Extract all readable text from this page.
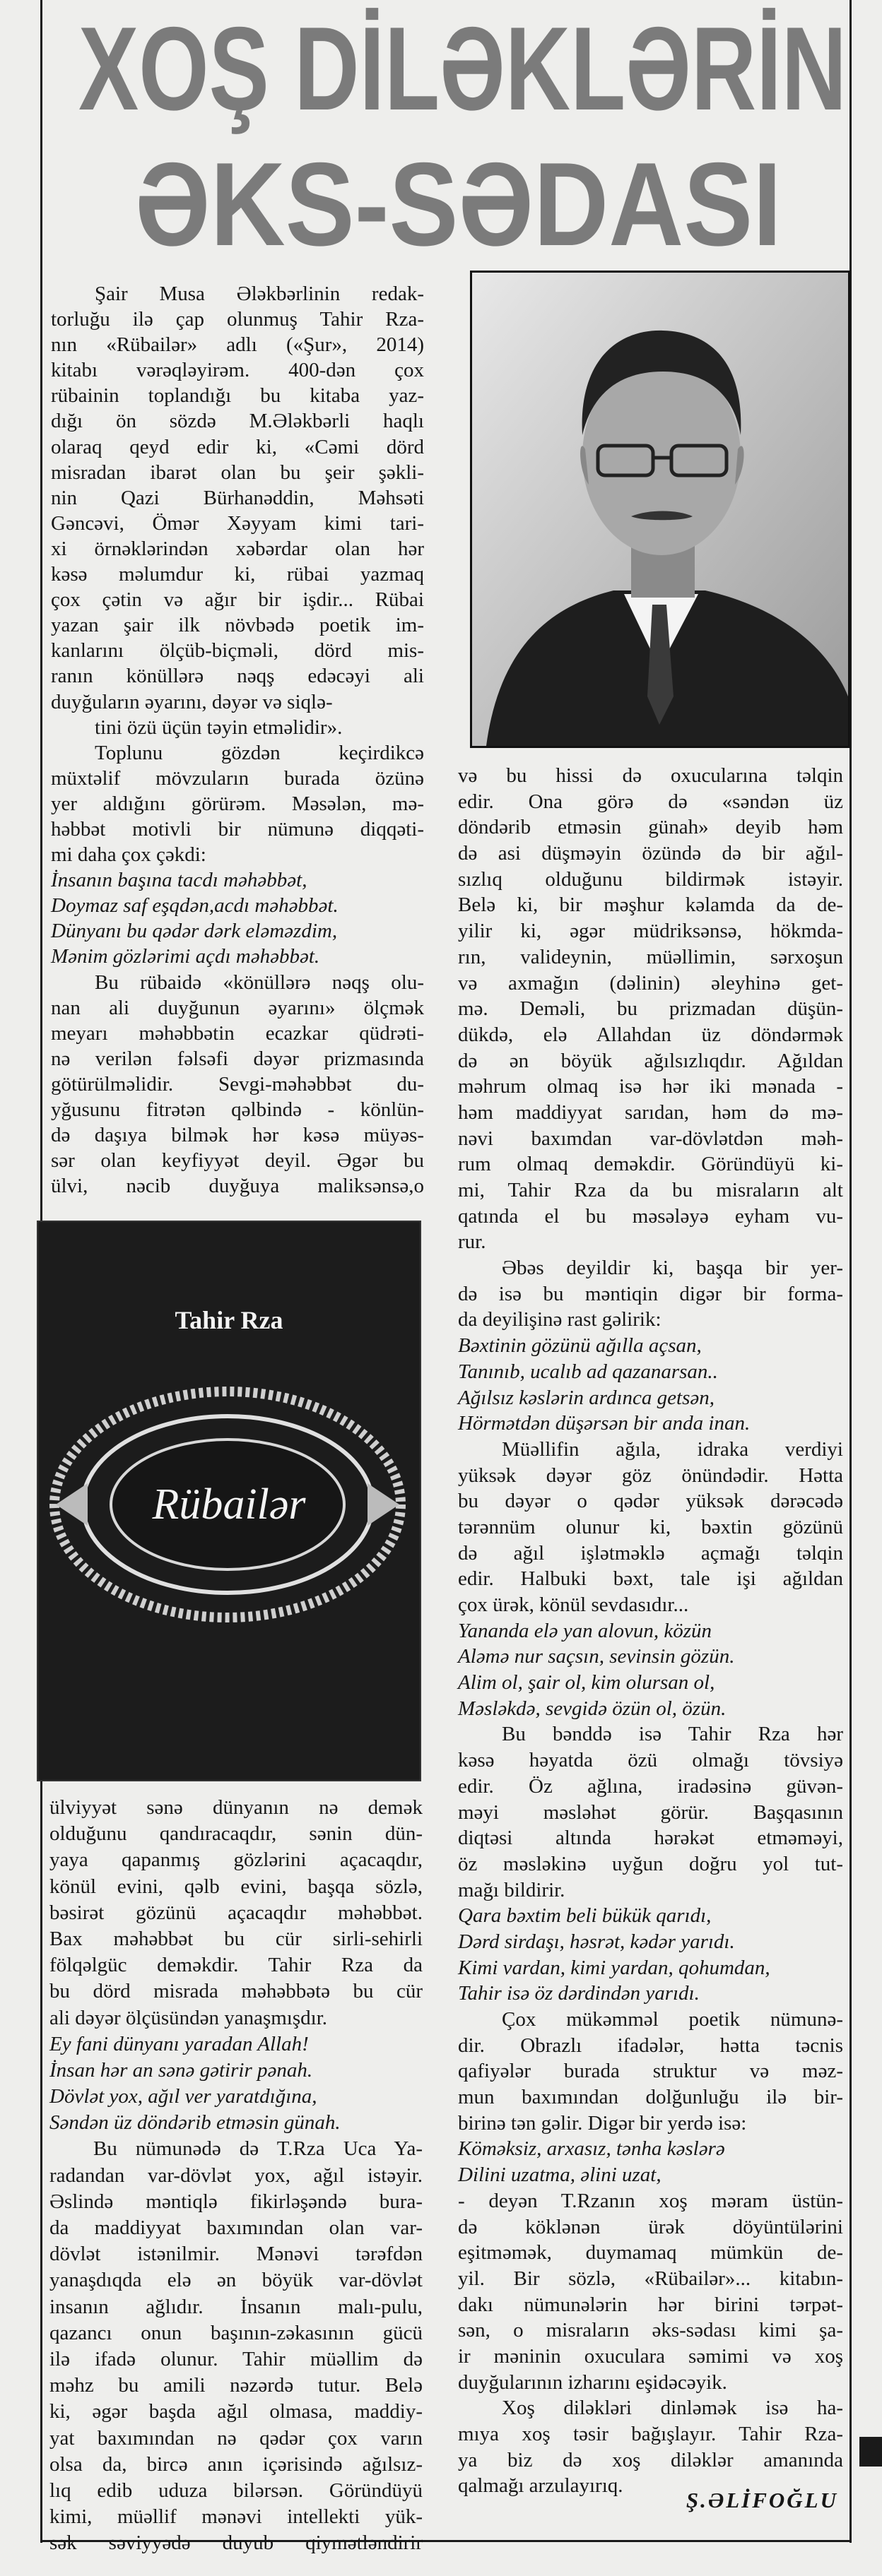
XOŞ DİLƏKLƏRİN
ƏKS-SƏDASI
Tahir Rza
Rübailər
Şair Musa Ələkbərlinin redak-
torluğu ilə çap olunmuş Tahir Rza-
nın «Rübailər» adlı («Şur», 2014)
kitabı vərəqləyirəm. 400-dən çox
rübainin toplandığı bu kitaba yaz-
dığı ön sözdə M.Ələkbərli haqlı
olaraq qeyd edir ki, «Cəmi dörd
misradan ibarət olan bu şeir şəkli-
nin Qazi Bürhanəddin, Məhsəti
Gəncəvi, Ömər Xəyyam kimi tari-
xi örnəklərindən xəbərdar olan hər
kəsə məlumdur ki, rübai yazmaq
çox çətin və ağır bir işdir... Rübai
yazan şair ilk növbədə poetik im-
kanlarını ölçüb-biçməli, dörd mis-
ranın könüllərə nəqş edəcəyi ali
duyğuların əyarını, dəyər və siqlə-
tini özü üçün təyin etməlidir».
Toplunu gözdən keçirdikcə
müxtəlif mövzuların burada özünə
yer aldığını görürəm. Məsələn, mə-
həbbət motivli bir nümunə diqqəti-
mi daha çox çəkdi:
İnsanın başına tacdı məhəbbət,
Doymaz saf eşqdən,acdı məhəbbət.
Dünyanı bu qədər dərk eləməzdim,
Mənim gözlərimi açdı məhəbbət.
Bu rübaidə «könüllərə nəqş olu-
nan ali duyğunun əyarını» ölçmək
meyarı məhəbbətin ecazkar qüdrəti-
nə verilən fəlsəfi dəyər prizmasında
götürülməlidir. Sevgi-məhəbbət du-
yğusunu fitrətən qəlbində - könlün-
də daşıya bilmək hər kəsə müyəs-
sər olan keyfiyyət deyil. Əgər bu
ülvi, nəcib duyğuya maliksənsə,o
ülviyyət sənə dünyanın nə demək
olduğunu qandıracaqdır, sənin dün-
yaya qapanmış gözlərini açacaqdır,
könül evini, qəlb evini, başqa sözlə,
bəsirət gözünü açacaqdır məhəbbət.
Bax məhəbbət bu cür sirli-sehirli
fölqəlgüc deməkdir. Tahir Rza da
bu dörd misrada məhəbbətə bu cür
ali dəyər ölçüsündən yanaşmışdır.
Ey fani dünyanı yaradan Allah!
İnsan hər an sənə gətirir pənah.
Dövlət yox, ağıl ver yaratdığına,
Səndən üz döndərib etməsin günah.
Bu nümunədə də T.Rza Uca Ya-
radandan var-dövlət yox, ağıl istəyir.
Əslində məntiqlə fikirləşəndə bura-
da maddiyyat baxımından olan var-
dövlət istənilmir. Mənəvi tərəfdən
yanaşdıqda elə ən böyük var-dövlət
insanın ağlıdır. İnsanın malı-pulu,
qazancı onun başının-zəkasının gücü
ilə ifadə olunur. Tahir müəllim də
məhz bu amili nəzərdə tutur. Belə
ki, əgər başda ağıl olmasa, maddiy-
yat baxımından nə qədər çox varın
olsa da, bircə anın içərisində ağılsız-
lıq edib uduza bilərsən. Göründüyü
kimi, müəllif mənəvi intellekti yük-
sək səviyyədə duyub qiymətləndirir
və bu hissi də oxucularına təlqin
edir. Ona görə də «səndən üz
döndərib etməsin günah» deyib həm
də asi düşməyin özündə də bir ağıl-
sızlıq olduğunu bildirmək istəyir.
Belə ki, bir məşhur kəlamda da de-
yilir ki, əgər müdriksənsə, hökmda-
rın, valideynin, müəllimin, sərxoşun
və axmağın (dəlinin) əleyhinə get-
mə. Deməli, bu prizmadan düşün-
dükdə, elə Allahdan üz döndərmək
də ən böyük ağılsızlıqdır. Ağıldan
məhrum olmaq isə hər iki mənada -
həm maddiyyat sarıdan, həm də mə-
nəvi baxımdan var-dövlətdən məh-
rum olmaq deməkdir. Göründüyü ki-
mi, Tahir Rza da bu misraların alt
qatında el bu məsələyə eyham vu-
rur.
Əbəs deyildir ki, başqa bir yer-
də isə bu məntiqin digər bir forma-
da deyilişinə rast gəlirik:
Bəxtinin gözünü ağılla açsan,
Tanınıb, ucalıb ad qazanarsan..
Ağılsız kəslərin ardınca getsən,
Hörmətdən düşərsən bir anda inan.
Müəllifin ağıla, idraka verdiyi
yüksək dəyər göz önündədir. Hətta
bu dəyər o qədər yüksək dərəcədə
tərənnüm olunur ki, bəxtin gözünü
də ağıl işlətməklə açmağı təlqin
edir. Halbuki bəxt, tale işi ağıldan
çox ürək, könül sevdasıdır...
Yananda elə yan alovun, közün
Aləmə nur saçsın, sevinsin gözün.
Alim ol, şair ol, kim olursan ol,
Məsləkdə, sevgidə özün ol, özün.
Bu bənddə isə Tahir Rza hər
kəsə həyatda özü olmağı tövsiyə
edir. Öz ağlına, iradəsinə güvən-
məyi məsləhət görür. Başqasının
diqtəsi altında hərəkət etməməyi,
öz məsləkinə uyğun doğru yol tut-
mağı bildirir.
Qara bəxtim beli bükük qarıdı,
Dərd sirdaşı, həsrət, kədər yarıdı.
Kimi vardan, kimi yardan, qohumdan,
Tahir isə öz dərdindən yarıdı.
Çox mükəmməl poetik nümunə-
dir. Obrazlı ifadələr, hətta təcnis
qafiyələr burada struktur və məz-
mun baxımından dolğunluğu ilə bir-
birinə tən gəlir. Digər bir yerdə isə:
Köməksiz, arxasız, tənha kəslərə
Dilini uzatma, əlini uzat,
- deyən T.Rzanın xoş məram üstün-
də köklənən ürək döyüntülərini
eşitməmək, duymamaq mümkün de-
yil. Bir sözlə, «Rübailər»... kitabın-
dakı nümunələrin hər birini tərpət-
sən, o misraların əks-sədası kimi şa-
ir məninin oxuculara səmimi və xoş
duyğularının izharını eşidəcəyik.
Xoş diləkləri dinləmək isə ha-
mıya xoş təsir bağışlayır. Tahir Rza-
ya biz də xoş diləklər amanında
qalmağı arzulayırıq.
Ş.ƏLİFOĞLU
